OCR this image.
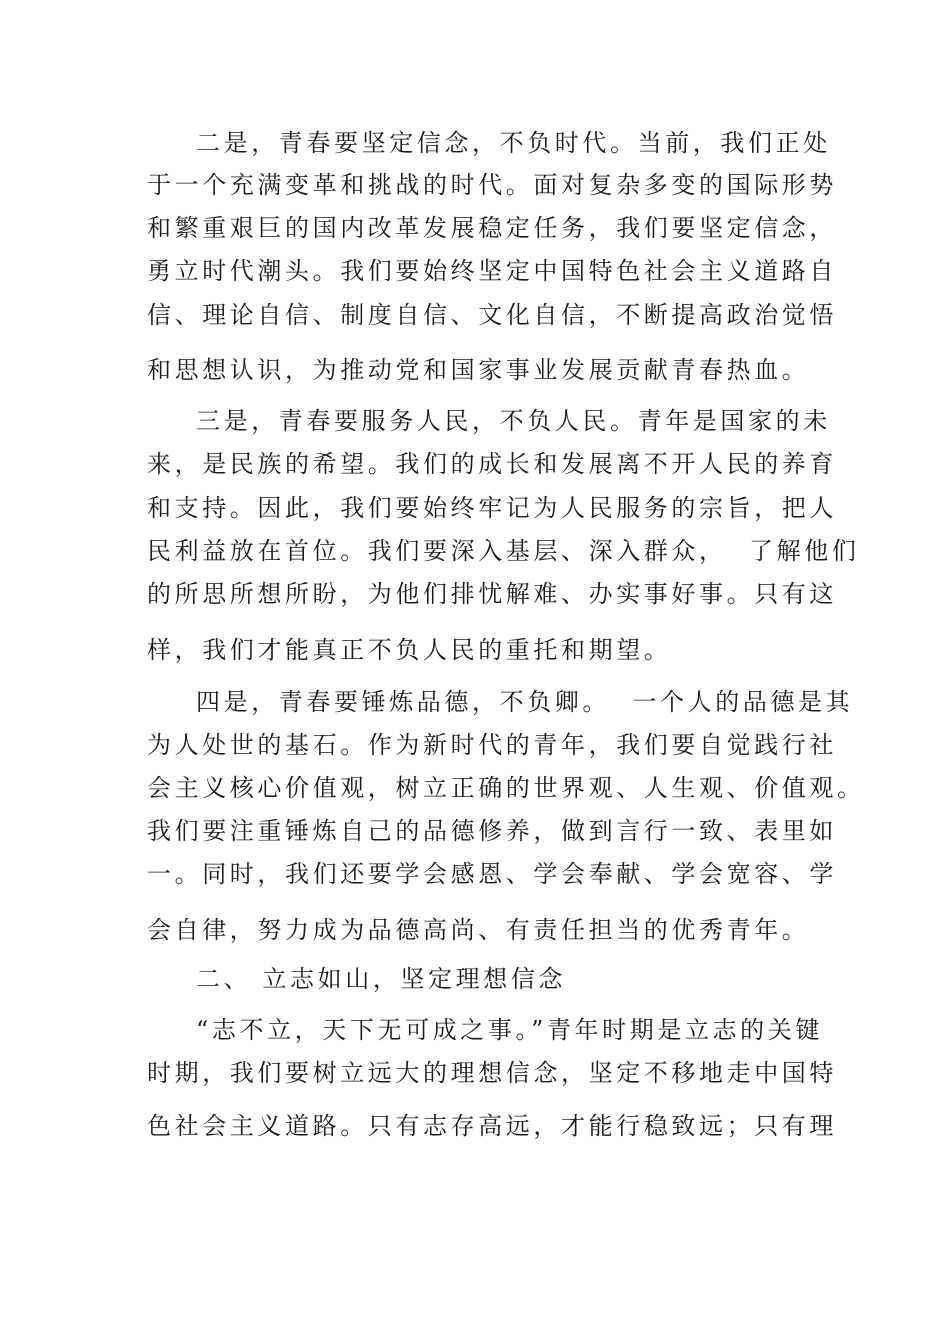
二是，青春要坚定信念，不负时代。当前，我们正处
于一个充满变革和挑战的时代。面对复杂多变的国际形势
和繁重艰巨的国内改革发展稳定任务，我们要坚定信念，
勇立时代潮头。我们要始终坚定中国特色社会主义道路自
信、理论自信、制度自信、文化自信，不断提高政治觉悟
和思想认识，为推动党和国家事业发展贡献青春热血。
三是，青春要服务人民，不负人民。青年是国家的未
来，是民族的希望。我们的成长和发展离不开人民的养育
和支持。因此，我们要始终牢记为人民服务的宗旨，把人
民利益放在首位。我们要深入基层、深入群众，  了解他们
的所思所想所盼，为他们排忧解难、办实事好事。只有这
样，我们才能真正不负人民的重托和期望。
四是，青春要锤炼品德，不负卿。  一个人的品德是其
为人处世的基石。作为新时代的青年，我们要自觉践行社
会主义核心价值观，树立正确的世界观、人生观、价值观。
我们要注重锤炼自己的品德修养，做到言行一致、表里如
一。同时，我们还要学会感恩、学会奉献、学会宽容、学
会自律，努力成为品德高尚、有责任担当的优秀青年。
二、 立志如山，坚定理想信念
“志不立，天下无可成之事。”青年时期是立志的关键
时期，我们要树立远大的理想信念，坚定不移地走中国特
色社会主义道路。只有志存高远，才能行稳致远；只有理
